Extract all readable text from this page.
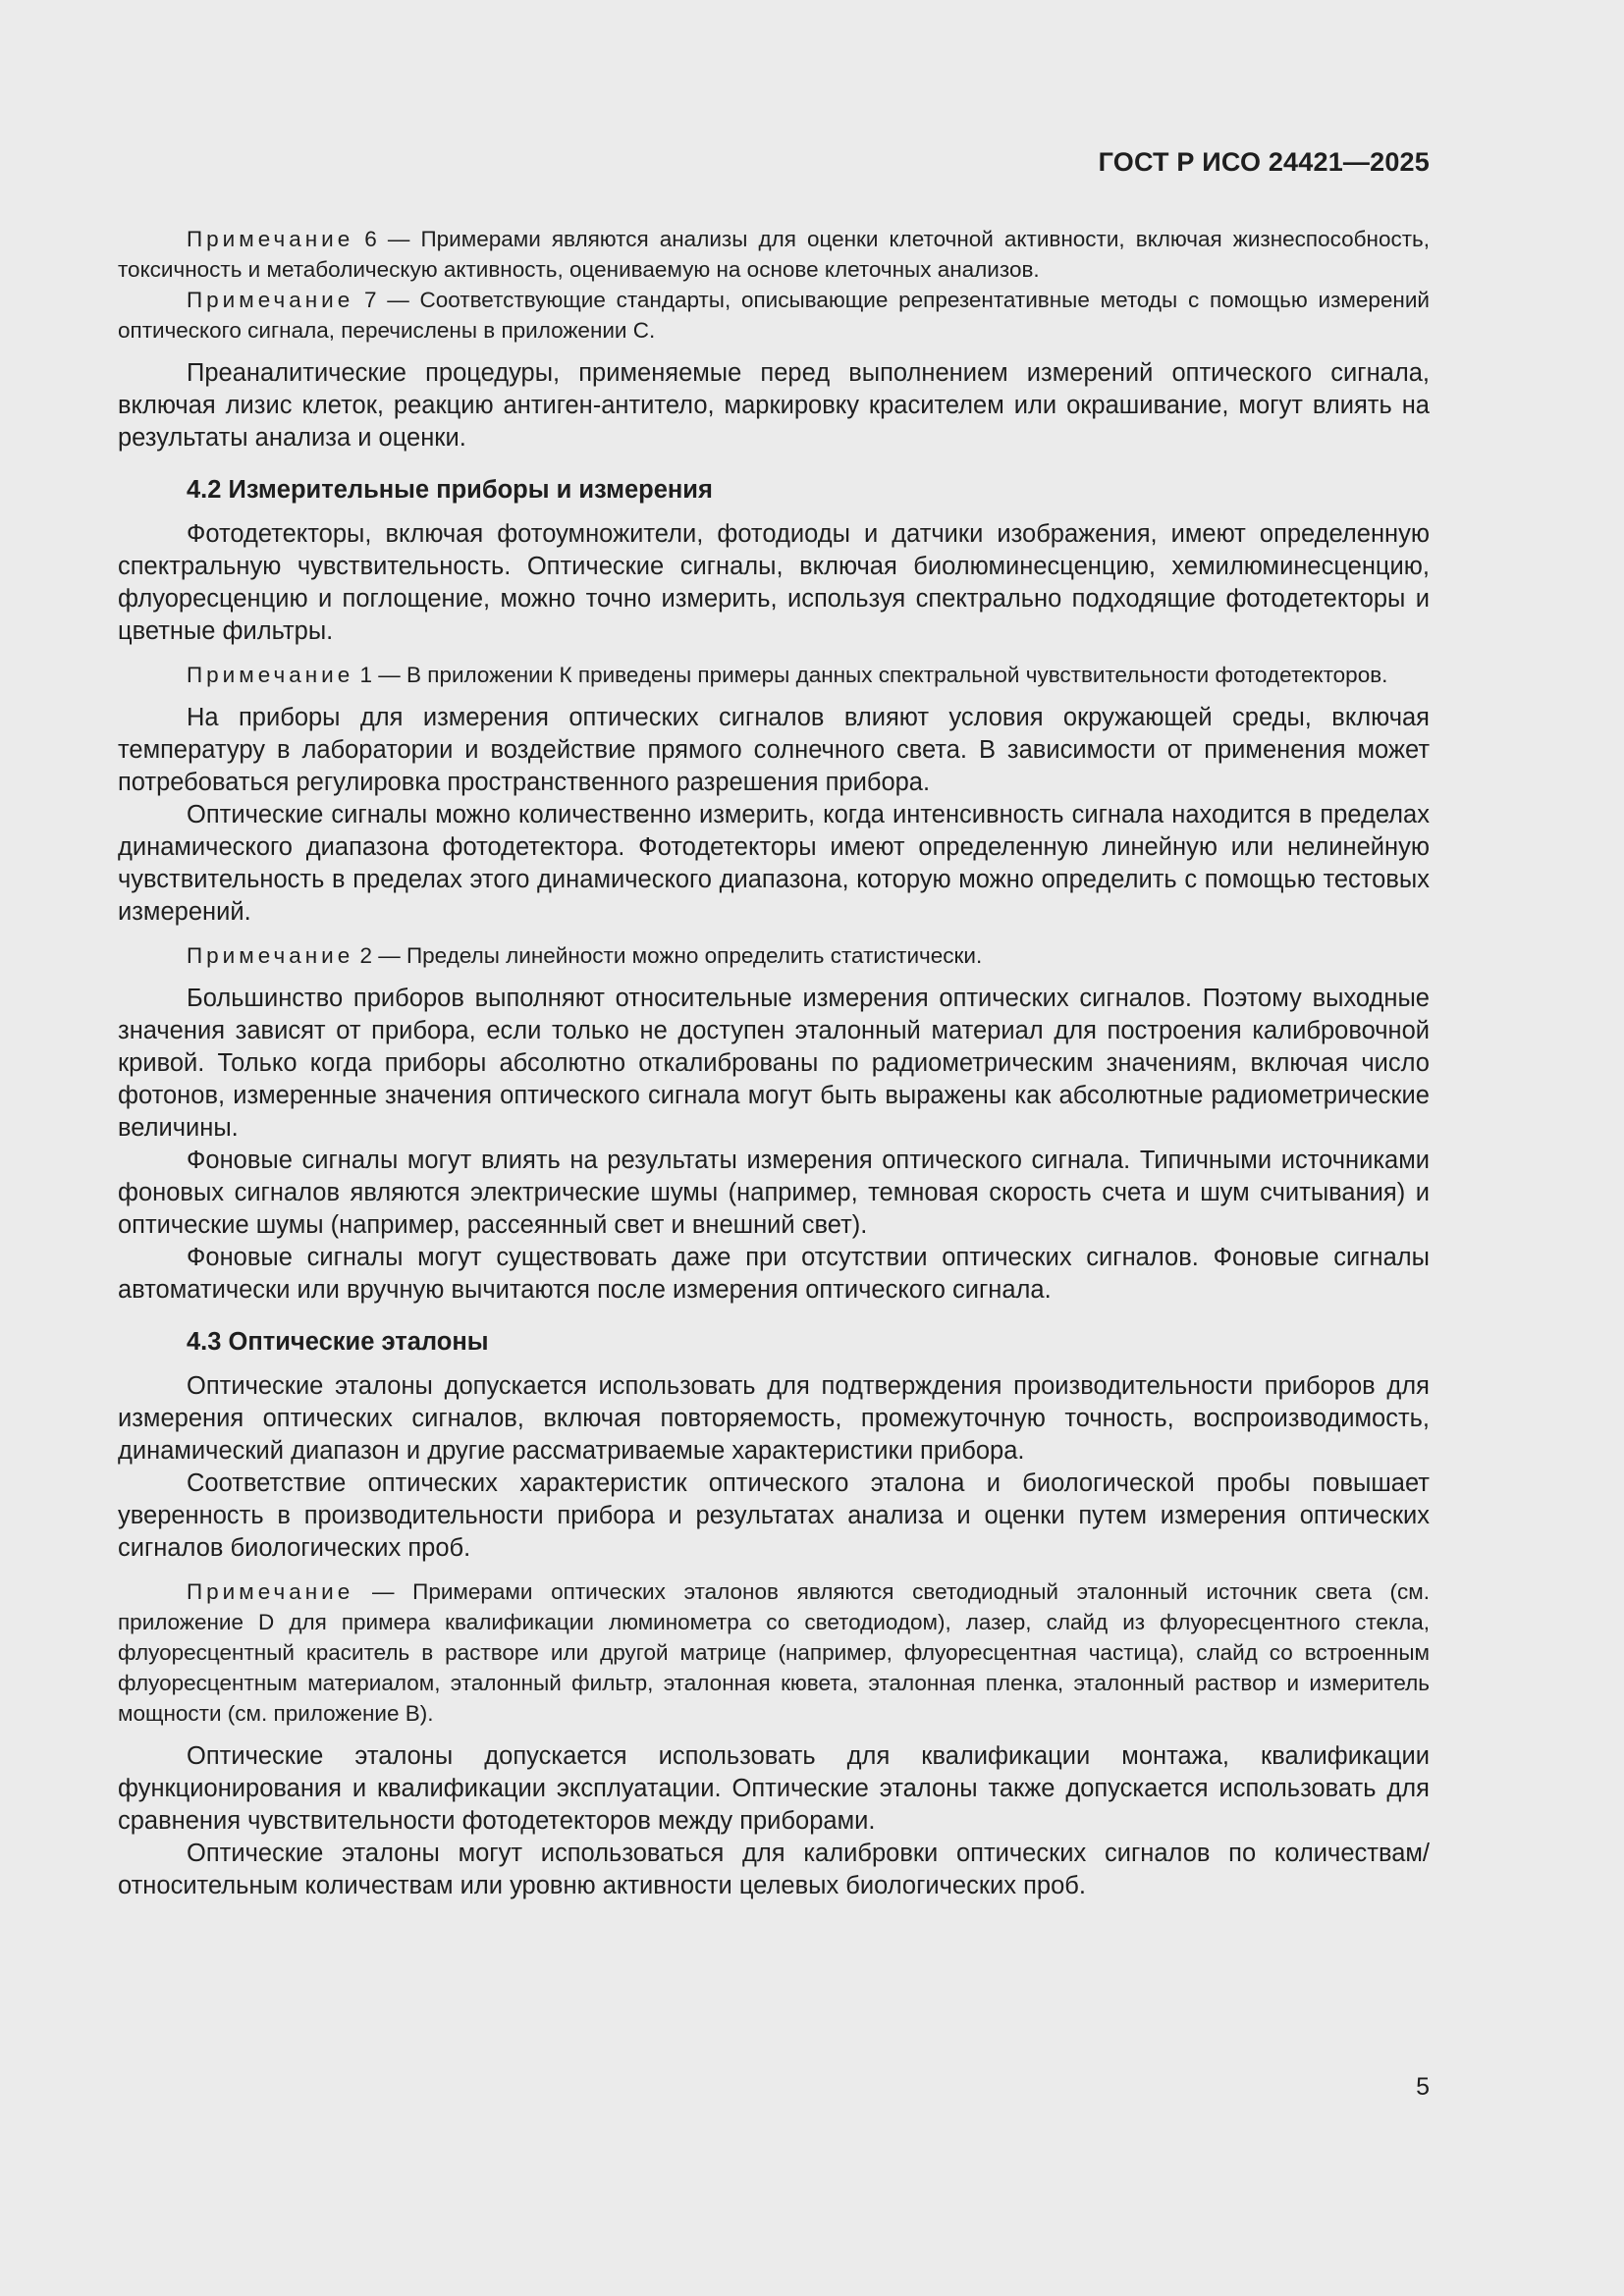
ГОСТ Р ИСО 24421—2025

Примечание 6 — Примерами являются анализы для оценки клеточной активности, включая жизнеспособность, токсичность и метаболическую активность, оцениваемую на основе клеточных анализов.

Примечание 7 — Соответствующие стандарты, описывающие репрезентативные методы с помощью измерений оптического сигнала, перечислены в приложении С.

Преаналитические процедуры, применяемые перед выполнением измерений оптического сигнала, включая лизис клеток, реакцию антиген-антитело, маркировку красителем или окрашивание, могут влиять на результаты анализа и оценки.

4.2 Измерительные приборы и измерения

Фотодетекторы, включая фотоумножители, фотодиоды и датчики изображения, имеют определенную спектральную чувствительность. Оптические сигналы, включая биолюминесценцию, хемилюминесценцию, флуоресценцию и поглощение, можно точно измерить, используя спектрально подходящие фотодетекторы и цветные фильтры.

Примечание 1 — В приложении К приведены примеры данных спектральной чувствительности фотодетекторов.

На приборы для измерения оптических сигналов влияют условия окружающей среды, включая температуру в лаборатории и воздействие прямого солнечного света. В зависимости от применения может потребоваться регулировка пространственного разрешения прибора.

Оптические сигналы можно количественно измерить, когда интенсивность сигнала находится в пределах динамического диапазона фотодетектора. Фотодетекторы имеют определенную линейную или нелинейную чувствительность в пределах этого динамического диапазона, которую можно определить с помощью тестовых измерений.

Примечание 2 — Пределы линейности можно определить статистически.

Большинство приборов выполняют относительные измерения оптических сигналов. Поэтому выходные значения зависят от прибора, если только не доступен эталонный материал для построения калибровочной кривой. Только когда приборы абсолютно откалиброваны по радиометрическим значениям, включая число фотонов, измеренные значения оптического сигнала могут быть выражены как абсолютные радиометрические величины.

Фоновые сигналы могут влиять на результаты измерения оптического сигнала. Типичными источниками фоновых сигналов являются электрические шумы (например, темновая скорость счета и шум считывания) и оптические шумы (например, рассеянный свет и внешний свет).

Фоновые сигналы могут существовать даже при отсутствии оптических сигналов. Фоновые сигналы автоматически или вручную вычитаются после измерения оптического сигнала.

4.3 Оптические эталоны

Оптические эталоны допускается использовать для подтверждения производительности приборов для измерения оптических сигналов, включая повторяемость, промежуточную точность, воспроизводимость, динамический диапазон и другие рассматриваемые характеристики прибора.

Соответствие оптических характеристик оптического эталона и биологической пробы повышает уверенность в производительности прибора и результатах анализа и оценки путем измерения оптических сигналов биологических проб.

Примечание — Примерами оптических эталонов являются светодиодный эталонный источник света (см. приложение D для примера квалификации люминометра со светодиодом), лазер, слайд из флуоресцентного стекла, флуоресцентный краситель в растворе или другой матрице (например, флуоресцентная частица), слайд со встроенным флуоресцентным материалом, эталонный фильтр, эталонная кювета, эталонная пленка, эталонный раствор и измеритель мощности (см. приложение В).

Оптические эталоны допускается использовать для квалификации монтажа, квалификации функционирования и квалификации эксплуатации. Оптические эталоны также допускается использовать для сравнения чувствительности фотодетекторов между приборами.

Оптические эталоны могут использоваться для калибровки оптических сигналов по количествам/относительным количествам или уровню активности целевых биологических проб.

5
